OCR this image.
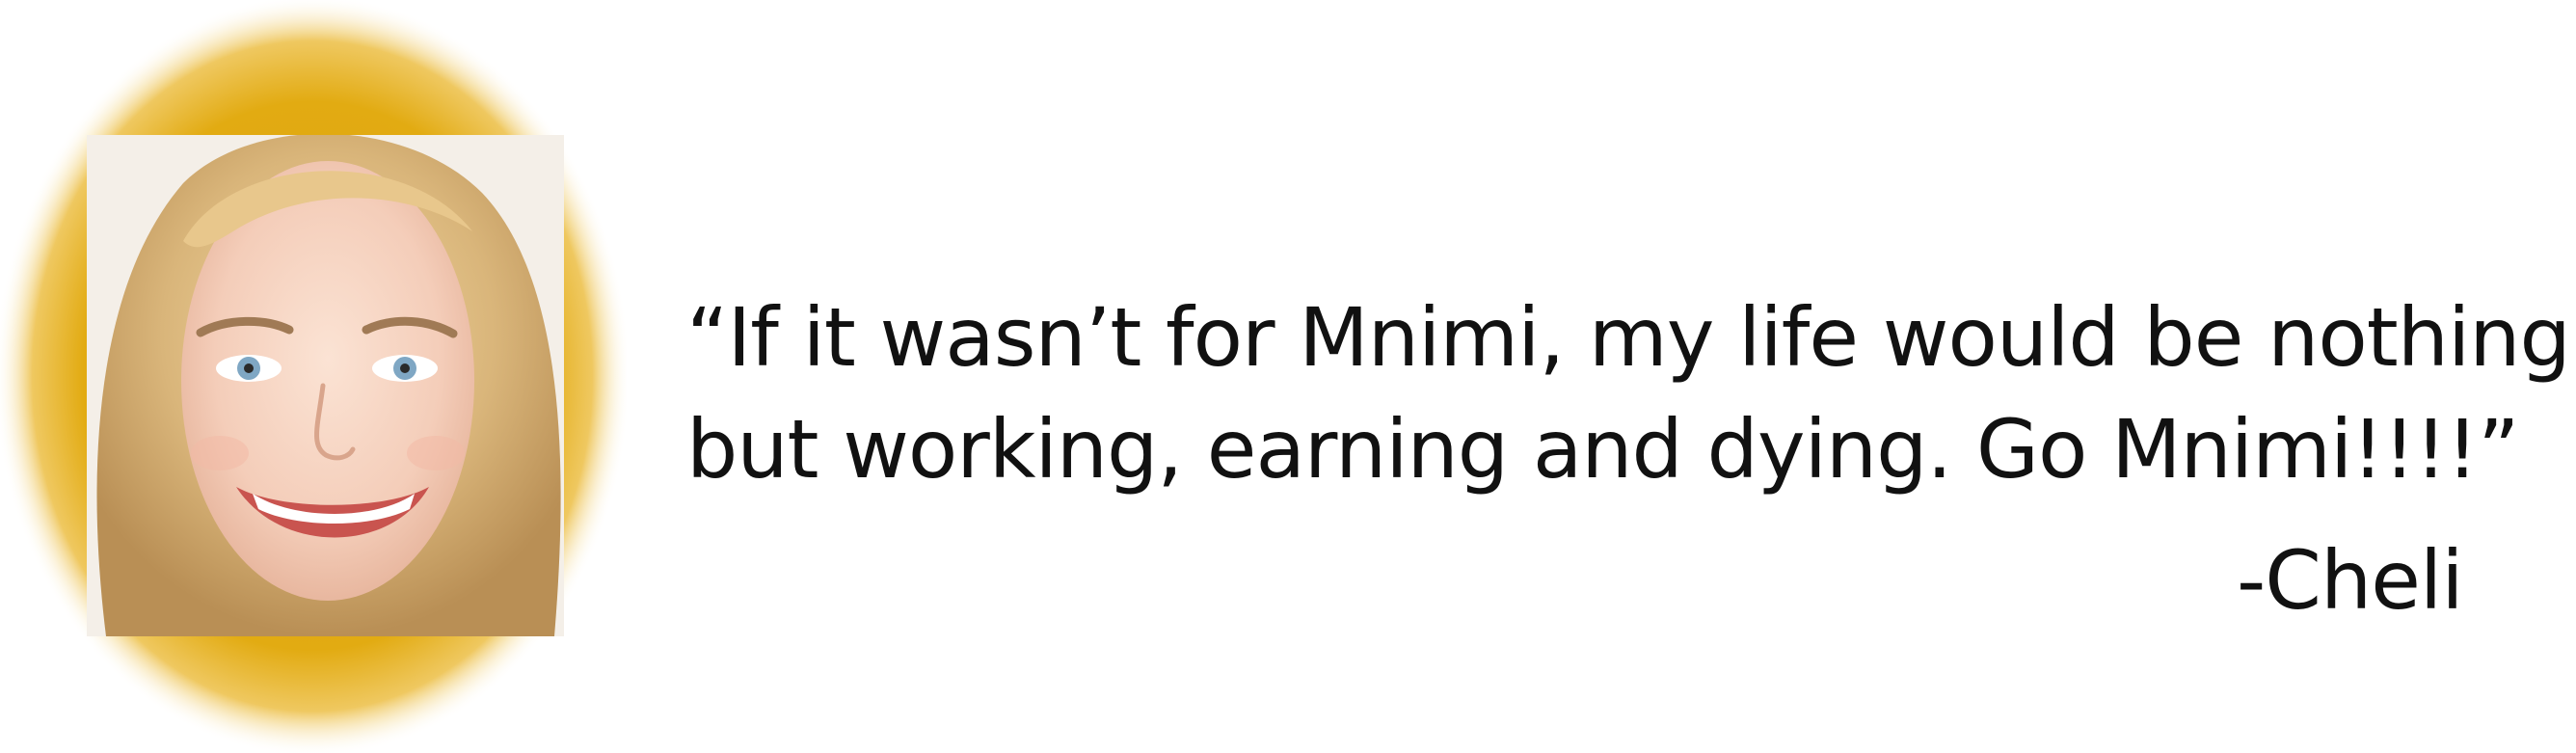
“If it wasn’t for Mnimi, my life would be nothing
but working, earning and dying. Go Mnimi!!!!”

-Cheli
